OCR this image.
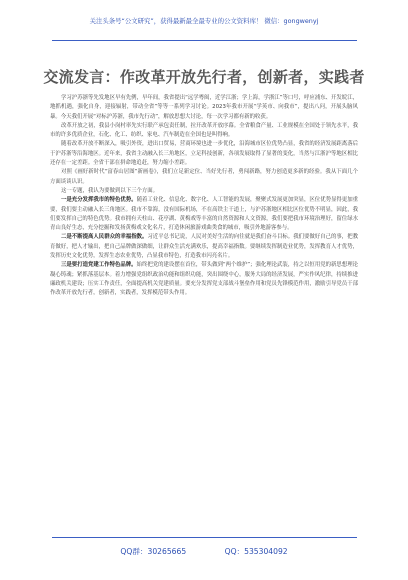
关注头条号“公文研究”，获得最新最全最专业的公文资料库！ 微信：gongwenyj
交流发言：作改革开放先行者，创新者，实践者

学习沪苏浙等先发地区早有先例，早年间，我省提出“远学粤闽，近学江浙；学上海，学浙江”等口号，呼应浦东、开发皖江，地抓机遇，强化自身，迎接辐射，带动全省”等等一系列学习讨论。2023年我市开展“学英市、向我市”，提出八问，开展头脑风暴。今天我们开展“对标沪苏浙，我市先行动”，解放思想大讨论，每一次学习都有新的收获。

改革开放之初，我县小岗村率先实行联产承包责任制，拉开改革开放序幕。全省粮食产量、工业规模在全国处于领先水平，我市的许多优质企业，石化、化工、纺织、家电、汽车制造在全国也是叫得响。

随着改革开放不断深入，吸引外资，进出口贸易，营商环境也进一步优化，沿海城市区位优势凸显，我省的经济发展距离落后于沪苏浙等沿海地区。近年来，我省主动融入长三角地区，立足科技创新，各项发展取得了显著的变化，当然与江浙沪等地区相比还存在一定差距。全省干部在拼命地追赶，努力缩小差距。

对照《画好新时代“富春山居图”新画卷》，我们立足新定位、当好先行者，勇闯新路，努力创造更多新的经验。我从下面几个方面谈谈认识。

这一专题，我认为要做到以下三个方面。

一是充分发挥我市的特色优势。随着工业化、信息化、数字化、人工智能的发展，聚聚式发展更加突显，区位优势显得更加重要，我们要主动融入长三角地区。我市不靠海，没有国际机场，不在高铁主干道上，与沪苏浙地区相比区位优势不明显，因此，我们要发挥自己的特色优势。我市拥有天柱山、花亭湖、黄梅戏等丰富的自然资源和人文资源，我们要把我市环境治理好，留住绿水青山良好生态，充分挖掘和发扬黄梅戏文化名片，打造休闲旅游戏曲类食的城市，吸引外地游客参与。

二是不断提高人民群众的幸福指数。习近平总书记说，人民对美好生活的向往就是我们奋斗目标。我们要做好自己的事，把教育做好，把人才输出，把自己品牌做深做细，让群众生活充满欢乐，提高幸福指数。要继续发挥制造业优势，发挥教育人才优势，发挥历史文化优势，发挥生态农业优势，凸显我市特色，打造我市闪亮名片。

三是要打造党建工作特色品牌。始终把党的建设摆在首位，带头做到“两个维护”；强化理论武装，持之以恒用党的新思想理论凝心铸魂；紧抓落基层本。着力增强党组织政治功能和组织功能，突出围绕中心，服务大局的经济发展，严实作风纪律，持续推进廉政机关建设；压实工作责任，全面提高机关党建质量。要充分发挥党支部战斗堡垒作用和党员先锋模范作用，激励引导党员干部作改革开放先行者，创新者，实践者，发挥模范带头作用。

QQ群：30265665	QQ：535304092
